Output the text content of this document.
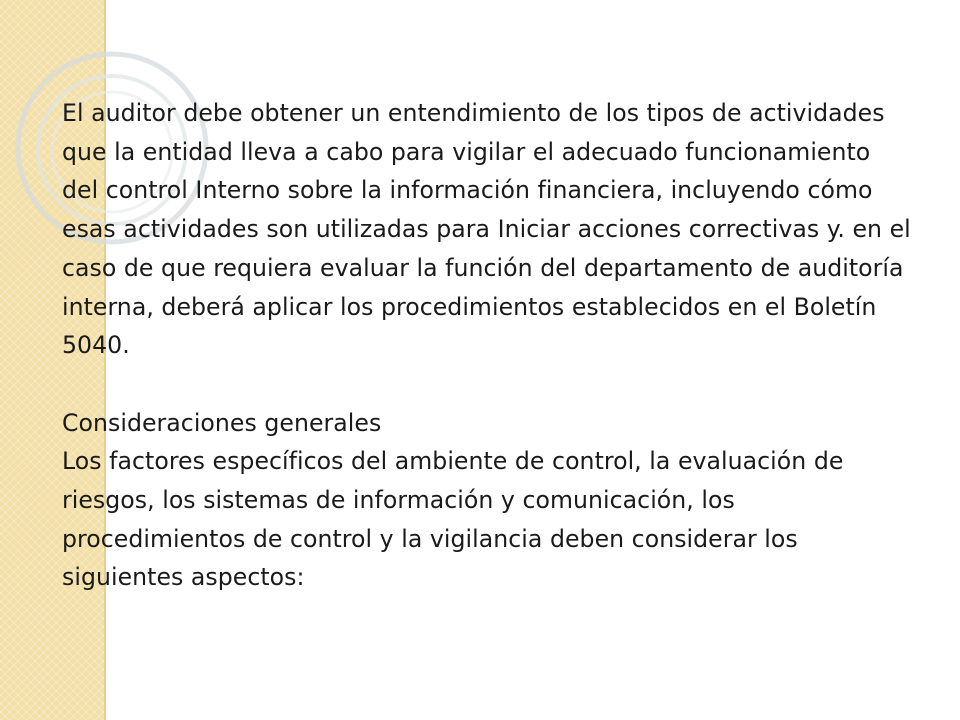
El auditor debe obtener un entendimiento de los tipos de actividades que la entidad lleva a cabo para vigilar el adecuado funcionamiento del control Interno sobre la información financiera, incluyendo cómo esas actividades son utilizadas para Iniciar acciones correctivas y. en el caso de que requiera evaluar la función del departamento de auditoría interna, deberá aplicar los procedimientos establecidos en el Boletín 5040.

Consideraciones generales

Los factores específicos del ambiente de control, la evaluación de riesgos, los sistemas de información y comunicación, los procedimientos de control y la vigilancia deben considerar los siguientes aspectos:
